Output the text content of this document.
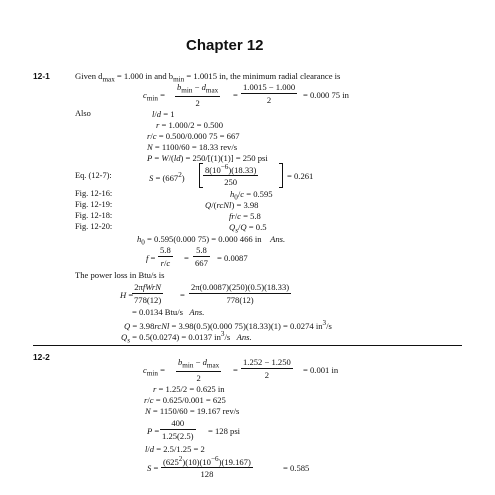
Chapter 12
12-1	Given $d_{max} = 1.000$ in and $b_{min} = 1.0015$ in, the minimum radial clearance is
$c_{min}$ =
$b_{min} - d_{max}$
2
= $\frac{1.0015 - 1.000}{2} = 0.000$ 75 in
Also	l/d = 1
r = 1.000/2 = 0.500
r/c = 0.500/0.000 75 = 667
N = 1100/60 = 18.33 rev/s
P = W/(ld) = 250/[(1)(1)] = 250 psi
Eq. (12-7):	$S = (667^2) \frac{8(10^{-6})(18.33)}{250}$	= 0.261
Fig. 12-16:	$h_0/c = 0.595$
Fig. 12-19:	Q/(rcNl) = 3.98
Fig. 12-18:	fr/c = 5.8
Fig. 12-20:	$Q_s/Q = 0.5$
$h_0 = 0.595(0.000$ 75) = 0.000 466 in    Ans.
$f = \frac{5.8}{r/c} = \frac{5.8}{667} = 0.0087$
The power loss in Btu/s is
H =
2πfWrN
$778(12) = \frac{2\pi(0.0087)(250)(0.5)(18.33)}{778(12)}$
= 0.0134 Btu/s   Ans.
Q = 3.98rcNl = 3.98(0.5)(0.000 75)(18.33)(1) = 0.0274 $in^3/s$
$Q_s = 0.5(0.0274) = 0.0137$ $in^3/s$   Ans.
12-2
$c_{min}$ =
$b_{min} - d_{max}$
2
= $\frac{1.252 - 1.250}{2} = 0.001$ in
r = 1.25/2 = 0.625 in
r/c = 0.625/0.001 = 625
N = 1150/60 = 19.167 rev/s
$P = \frac{400}{1.25(2.5)} = 128$ psi
l/d = 2.5/1.25 = 2
$S = \frac{(625^2)(10)(10^{-6})(19.167)}{128}$	= 0.585
